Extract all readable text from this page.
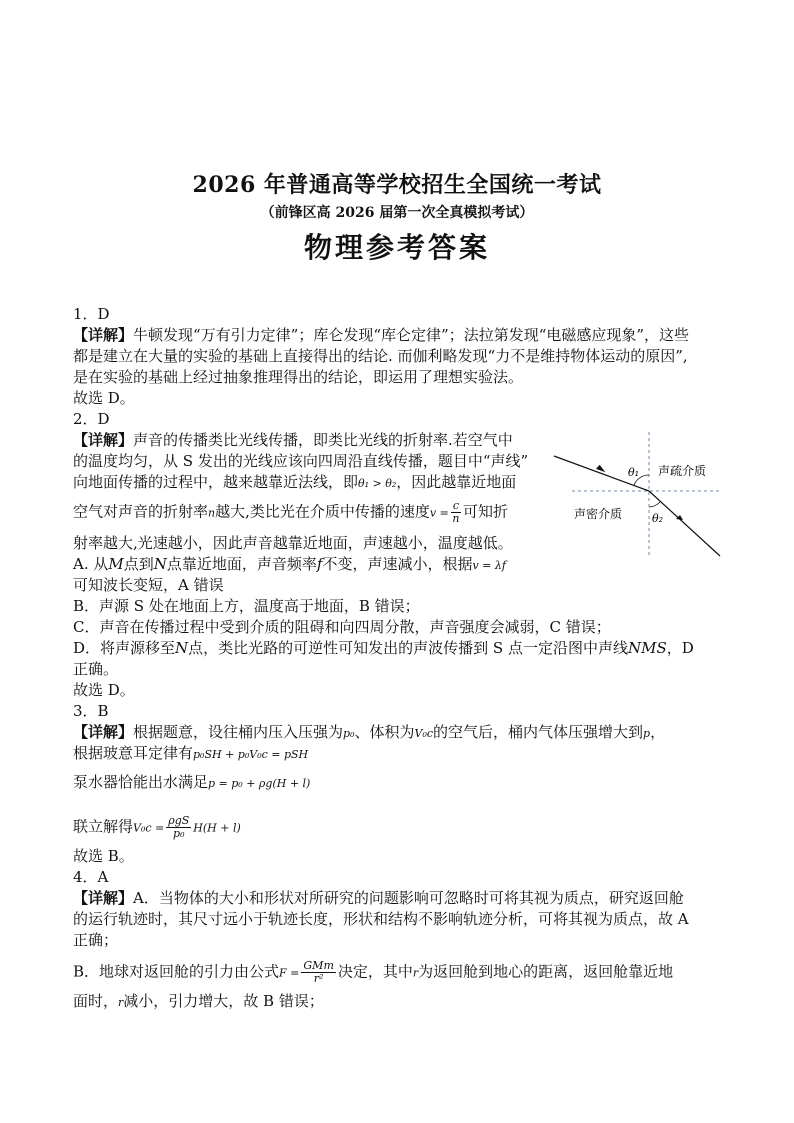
2026 年普通高等学校招生全国统一考试
（前锋区高 2026 届第一次全真模拟考试）
物理参考答案
1．D
【详解】牛顿发现“万有引力定律”；库仑发现“库仑定律”；法拉第发现“电磁感应现象”，这些
都是建立在大量的实验的基础上直接得出的结论. 而伽利略发现“力不是维持物体运动的原因”,
是在实验的基础上经过抽象推理得出的结论，即运用了理想实验法。
故选 D。
2．D
【详解】声音的传播类比光线传播，即类比光线的折射率.若空气中
的温度均匀，从 S 发出的光线应该向四周沿直线传播，题目中“声线”
向地面传播的过程中，越来越靠近法线，即θ₁ > θ₂，因此越靠近地面
空气对声音的折射率n越大,类比光在介质中传播的速度$v = \frac{c}{n}$ 可知折
射率越大,光速越小，因此声音越靠近地面，声速越小，温度越低。
A. 从M点到N点靠近地面，声音频率f不变，声速减小，根据v = λf
可知波长变短，A 错误
B．声源 S 处在地面上方，温度高于地面，B 错误；
C．声音在传播过程中受到介质的阻碍和向四周分散，声音强度会减弱，C 错误；
D．将声源移至N点，类比光路的可逆性可知发出的声波传播到 S 点一定沿图中声线NMS，D
正确。
故选 D。
θ₁
θ₂
声疏介质
声密介质
3．B
【详解】根据题意，设往桶内压入压强为p₀、体积为V₀c的空气后，桶内气体压强增大到p，
根据玻意耳定律有p₀SH + p₀V₀c = pSH
泵水器恰能出水满足p = p₀ + ρg(H + l)
联立解得$V_0c = \frac{\text{ρgS}}{\text{p₀}} H(H + l)$
故选 B。
4．A
【详解】A．当物体的大小和形状对所研究的问题影响可忽略时可将其视为质点，研究返回舱
的运行轨迹时，其尺寸远小于轨迹长度，形状和结构不影响轨迹分析，可将其视为质点，故 A
正确；
B．地球对返回舱的引力由公式$F = \frac{\text{GMm}}{\text{r²}}$ 决定，其中r为返回舱到地心的距离，返回舱靠近地
面时，r减小，引力增大，故 B 错误；
